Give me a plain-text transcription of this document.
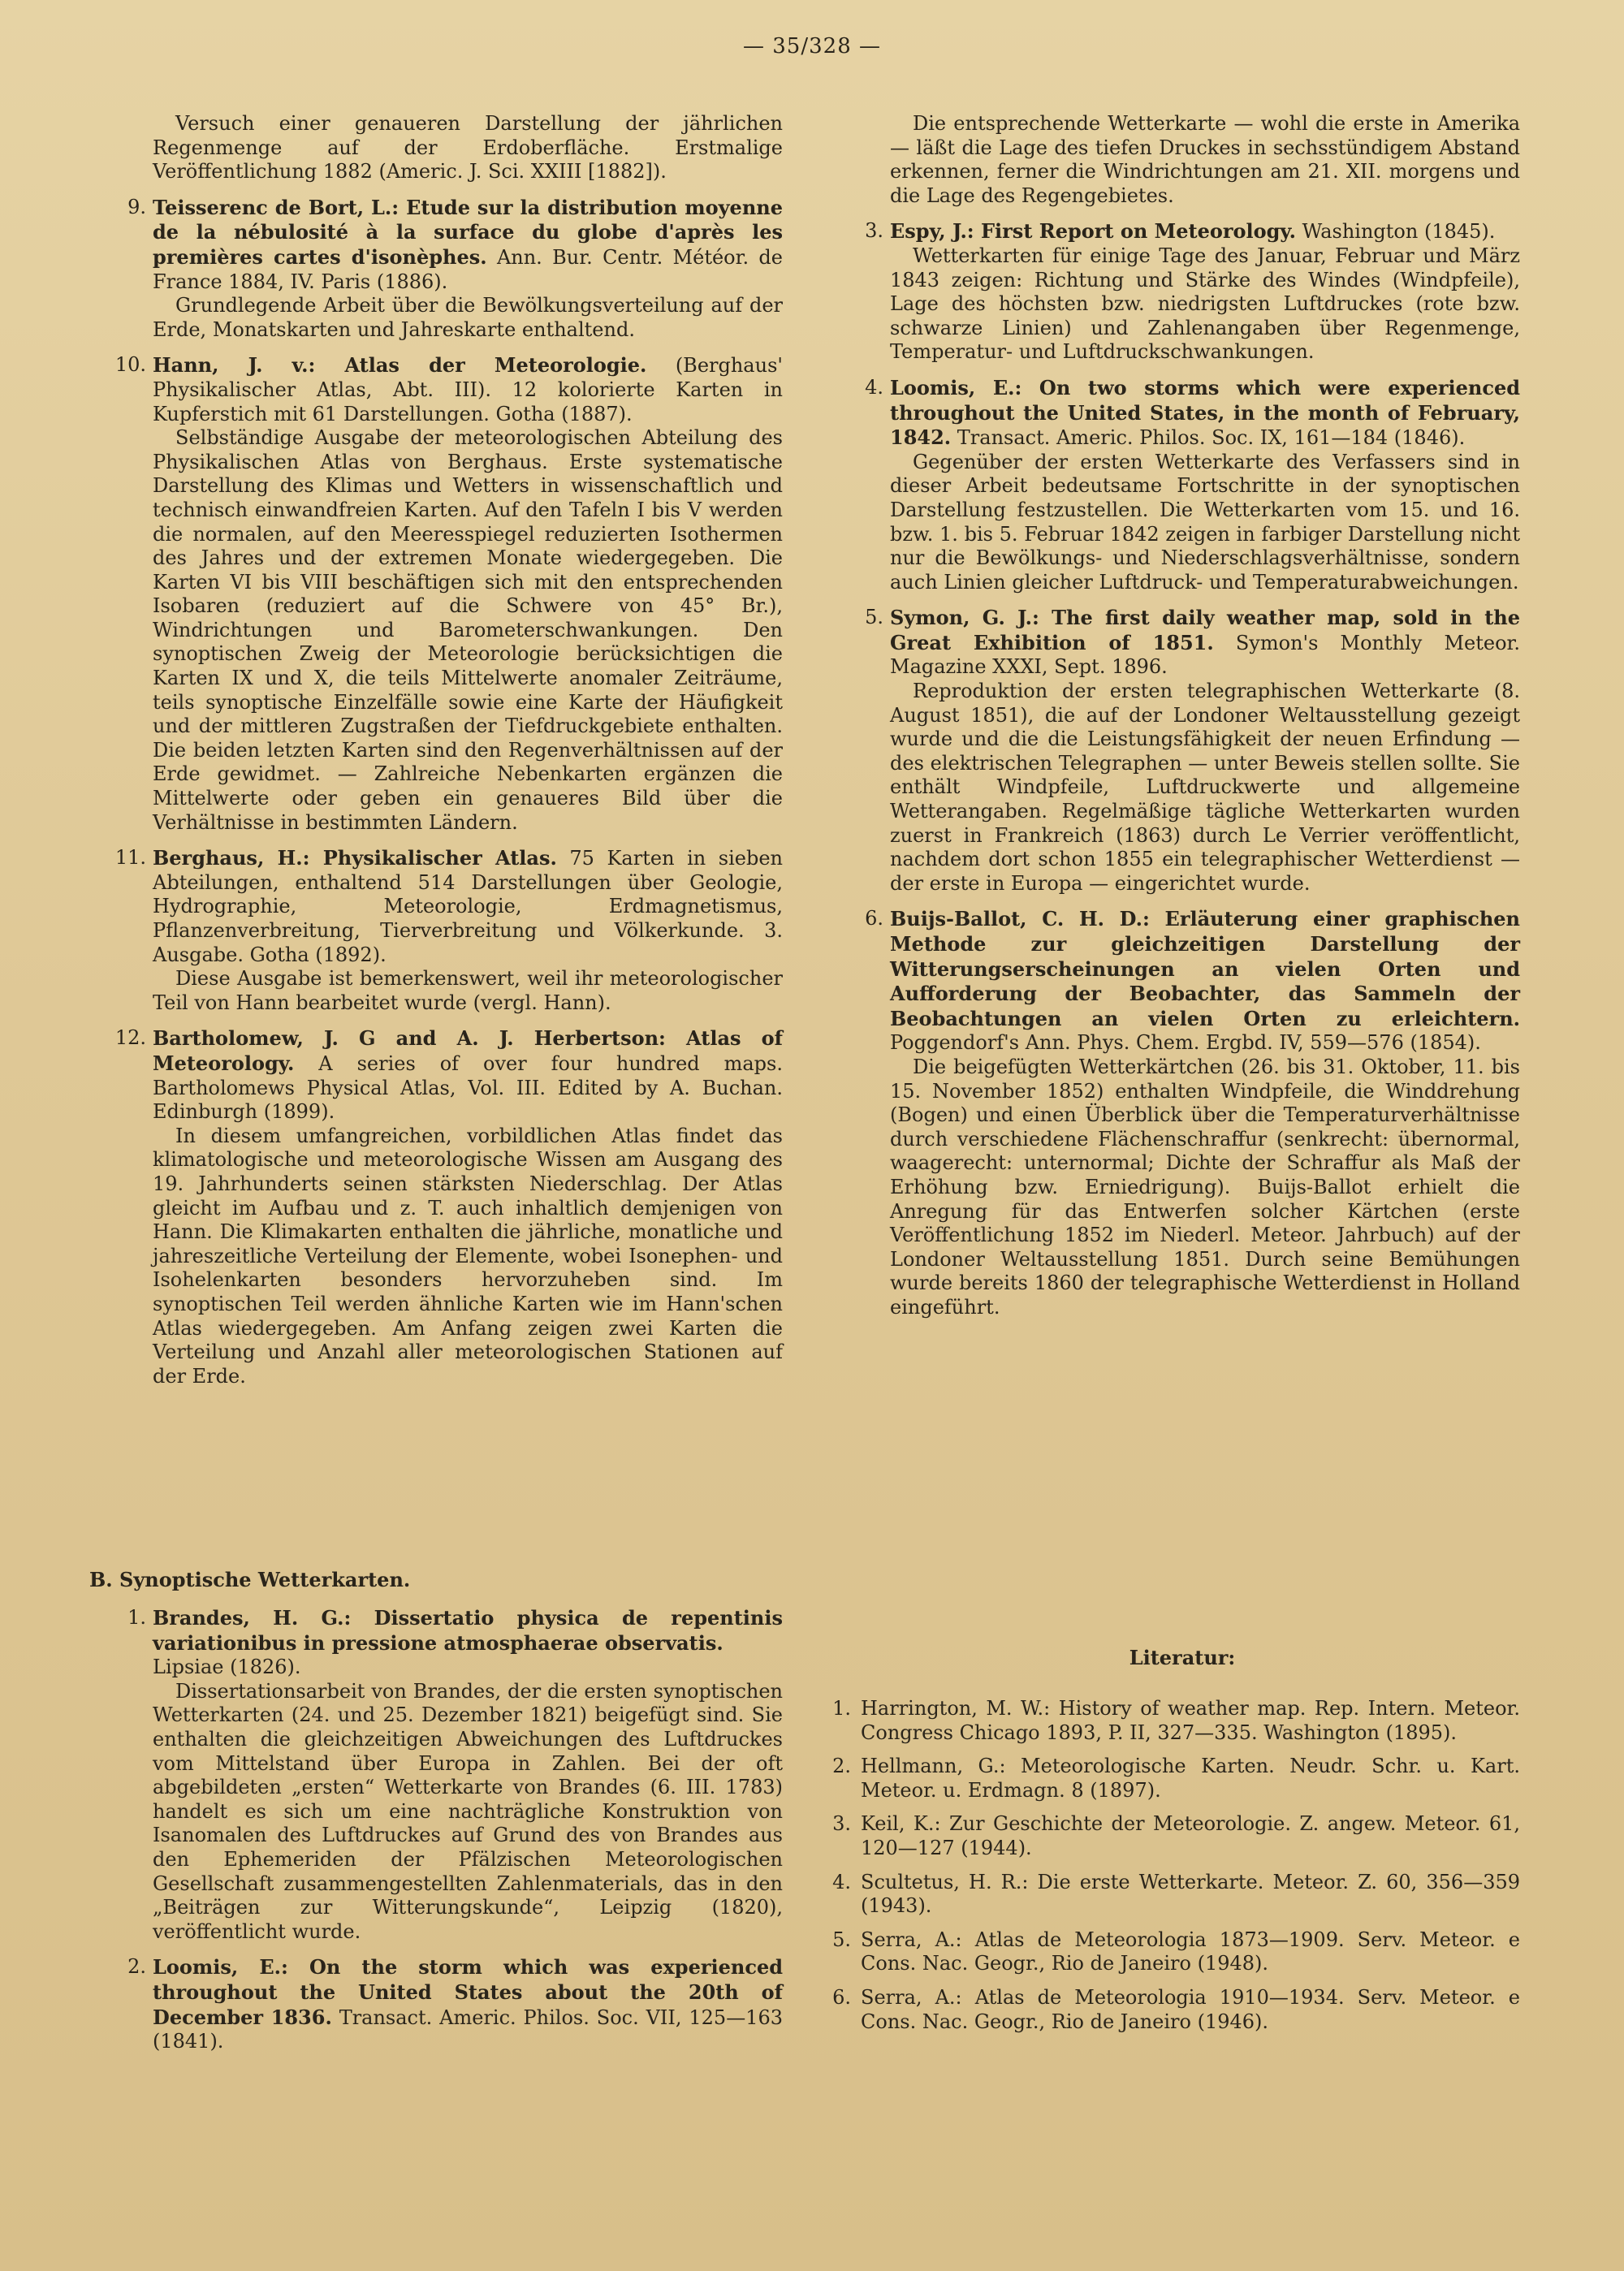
— 35/328 —

Versuch einer genaueren Darstellung der jährlichen Regenmenge auf der Erdoberfläche. Erstmalige Veröffentlichung 1882 (Americ. J. Sci. XXIII [1882]).

9. Teisserenc de Bort, L.: Etude sur la distribution moyenne de la nébulosité à la surface du globe d'après les premières cartes d'isonèphes. Ann. Bur. Centr. Météor. de France 1884, IV. Paris (1886).

Grundlegende Arbeit über die Bewölkungsverteilung auf der Erde, Monatskarten und Jahreskarte enthaltend.

10. Hann, J. v.: Atlas der Meteorologie. (Berghaus' Physikalischer Atlas, Abt. III). 12 kolorierte Karten in Kupferstich mit 61 Darstellungen. Gotha (1887).

Selbständige Ausgabe der meteorologischen Abteilung des Physikalischen Atlas von Berghaus. Erste systematische Darstellung des Klimas und Wetters in wissenschaftlich und technisch einwandfreien Karten. Auf den Tafeln I bis V werden die normalen, auf den Meeresspiegel reduzierten Isothermen des Jahres und der extremen Monate wiedergegeben. Die Karten VI bis VIII beschäftigen sich mit den entsprechenden Isobaren (reduziert auf die Schwere von 45° Br.), Windrichtungen und Barometerschwankungen. Den synoptischen Zweig der Meteorologie berücksichtigen die Karten IX und X, die teils Mittelwerte anomaler Zeiträume, teils synoptische Einzelfälle sowie eine Karte der Häufigkeit und der mittleren Zugstraßen der Tiefdruckgebiete enthalten. Die beiden letzten Karten sind den Regenverhältnissen auf der Erde gewidmet. — Zahlreiche Nebenkarten ergänzen die Mittelwerte oder geben ein genaueres Bild über die Verhältnisse in bestimmten Ländern.

11. Berghaus, H.: Physikalischer Atlas. 75 Karten in sieben Abteilungen, enthaltend 514 Darstellungen über Geologie, Hydrographie, Meteorologie, Erdmagnetismus, Pflanzenverbreitung, Tierverbreitung und Völkerkunde. 3. Ausgabe. Gotha (1892).

Diese Ausgabe ist bemerkenswert, weil ihr meteorologischer Teil von Hann bearbeitet wurde (vergl. Hann).

12. Bartholomew, J. G and A. J. Herbertson: Atlas of Meteorology. A series of over four hundred maps. Bartholomews Physical Atlas, Vol. III. Edited by A. Buchan. Edinburgh (1899).

In diesem umfangreichen, vorbildlichen Atlas findet das klimatologische und meteorologische Wissen am Ausgang des 19. Jahrhunderts seinen stärksten Niederschlag. Der Atlas gleicht im Aufbau und z. T. auch inhaltlich demjenigen von Hann. Die Klimakarten enthalten die jährliche, monatliche und jahreszeitliche Verteilung der Elemente, wobei Isonephen- und Isohelenkarten besonders hervorzuheben sind. Im synoptischen Teil werden ähnliche Karten wie im Hann'schen Atlas wiedergegeben. Am Anfang zeigen zwei Karten die Verteilung und Anzahl aller meteorologischen Stationen auf der Erde.

B. Synoptische Wetterkarten.
1. Brandes, H. G.: Dissertatio physica de repentinis variationibus in pressione atmosphaerae observatis.
Lipsiae (1826).

Dissertationsarbeit von Brandes, der die ersten synoptischen Wetterkarten (24. und 25. Dezember 1821) beigefügt sind. Sie enthalten die gleichzeitigen Abweichungen des Luftdruckes vom Mittelstand über Europa in Zahlen. Bei der oft abgebildeten „ersten“ Wetterkarte von Brandes (6. III. 1783) handelt es sich um eine nachträgliche Konstruktion von Isanomalen des Luftdruckes auf Grund des von Brandes aus den Ephemeriden der Pfälzischen Meteorologischen Gesellschaft zusammengestellten Zahlenmaterials, das in den „Beiträgen zur Witterungskunde“, Leipzig (1820), veröffentlicht wurde.

2. Loomis, E.: On the storm which was experienced throughout the United States about the 20th of December 1836. Transact. Americ. Philos. Soc. VII, 125—163 (1841).

Die entsprechende Wetterkarte — wohl die erste in Amerika — läßt die Lage des tiefen Druckes in sechsstündigem Abstand erkennen, ferner die Windrichtungen am 21. XII. morgens und die Lage des Regengebietes.

3. Espy, J.: First Report on Meteorology. Washington (1845).

Wetterkarten für einige Tage des Januar, Februar und März 1843 zeigen: Richtung und Stärke des Windes (Windpfeile), Lage des höchsten bzw. niedrigsten Luftdruckes (rote bzw. schwarze Linien) und Zahlenangaben über Regenmenge, Temperatur- und Luftdruckschwankungen.

4. Loomis, E.: On two storms which were experienced throughout the United States, in the month of February, 1842. Transact. Americ. Philos. Soc. IX, 161—184 (1846).

Gegenüber der ersten Wetterkarte des Verfassers sind in dieser Arbeit bedeutsame Fortschritte in der synoptischen Darstellung festzustellen. Die Wetterkarten vom 15. und 16. bzw. 1. bis 5. Februar 1842 zeigen in farbiger Darstellung nicht nur die Bewölkungs- und Niederschlagsverhältnisse, sondern auch Linien gleicher Luftdruck- und Temperaturabweichungen.

5. Symon, G. J.: The first daily weather map, sold in the Great Exhibition of 1851. Symon's Monthly Meteor. Magazine XXXI, Sept. 1896.

Reproduktion der ersten telegraphischen Wetterkarte (8. August 1851), die auf der Londoner Weltausstellung gezeigt wurde und die die Leistungsfähigkeit der neuen Erfindung — des elektrischen Telegraphen — unter Beweis stellen sollte. Sie enthält Windpfeile, Luftdruckwerte und allgemeine Wetterangaben. Regelmäßige tägliche Wetterkarten wurden zuerst in Frankreich (1863) durch Le Verrier veröffentlicht, nachdem dort schon 1855 ein telegraphischer Wetterdienst — der erste in Europa — eingerichtet wurde.

6. Buijs-Ballot, C. H. D.: Erläuterung einer graphischen Methode zur gleichzeitigen Darstellung der Witterungserscheinungen an vielen Orten und Aufforderung der Beobachter, das Sammeln der Beobachtungen an vielen Orten zu erleichtern. Poggendorf's Ann. Phys. Chem. Ergbd. IV, 559—576 (1854).

Die beigefügten Wetterkärtchen (26. bis 31. Oktober, 11. bis 15. November 1852) enthalten Windpfeile, die Winddrehung (Bogen) und einen Überblick über die Temperaturverhältnisse durch verschiedene Flächenschraffur (senkrecht: übernormal, waagerecht: unternormal; Dichte der Schraffur als Maß der Erhöhung bzw. Erniedrigung). Buijs-Ballot erhielt die Anregung für das Entwerfen solcher Kärtchen (erste Veröffentlichung 1852 im Niederl. Meteor. Jahrbuch) auf der Londoner Weltausstellung 1851. Durch seine Bemühungen wurde bereits 1860 der telegraphische Wetterdienst in Holland eingeführt.

Literatur:
1. Harrington, M. W.: History of weather map. Rep. Intern. Meteor. Congress Chicago 1893, P. II, 327—335. Washington (1895).

2. Hellmann, G.: Meteorologische Karten. Neudr. Schr. u. Kart. Meteor. u. Erdmagn. 8 (1897).

3. Keil, K.: Zur Geschichte der Meteorologie. Z. angew. Meteor. 61, 120—127 (1944).

4. Scultetus, H. R.: Die erste Wetterkarte. Meteor. Z. 60, 356—359 (1943).

5. Serra, A.: Atlas de Meteorologia 1873—1909. Serv. Meteor. e Cons. Nac. Geogr., Rio de Janeiro (1948).

6. Serra, A.: Atlas de Meteorologia 1910—1934. Serv. Meteor. e Cons. Nac. Geogr., Rio de Janeiro (1946).
